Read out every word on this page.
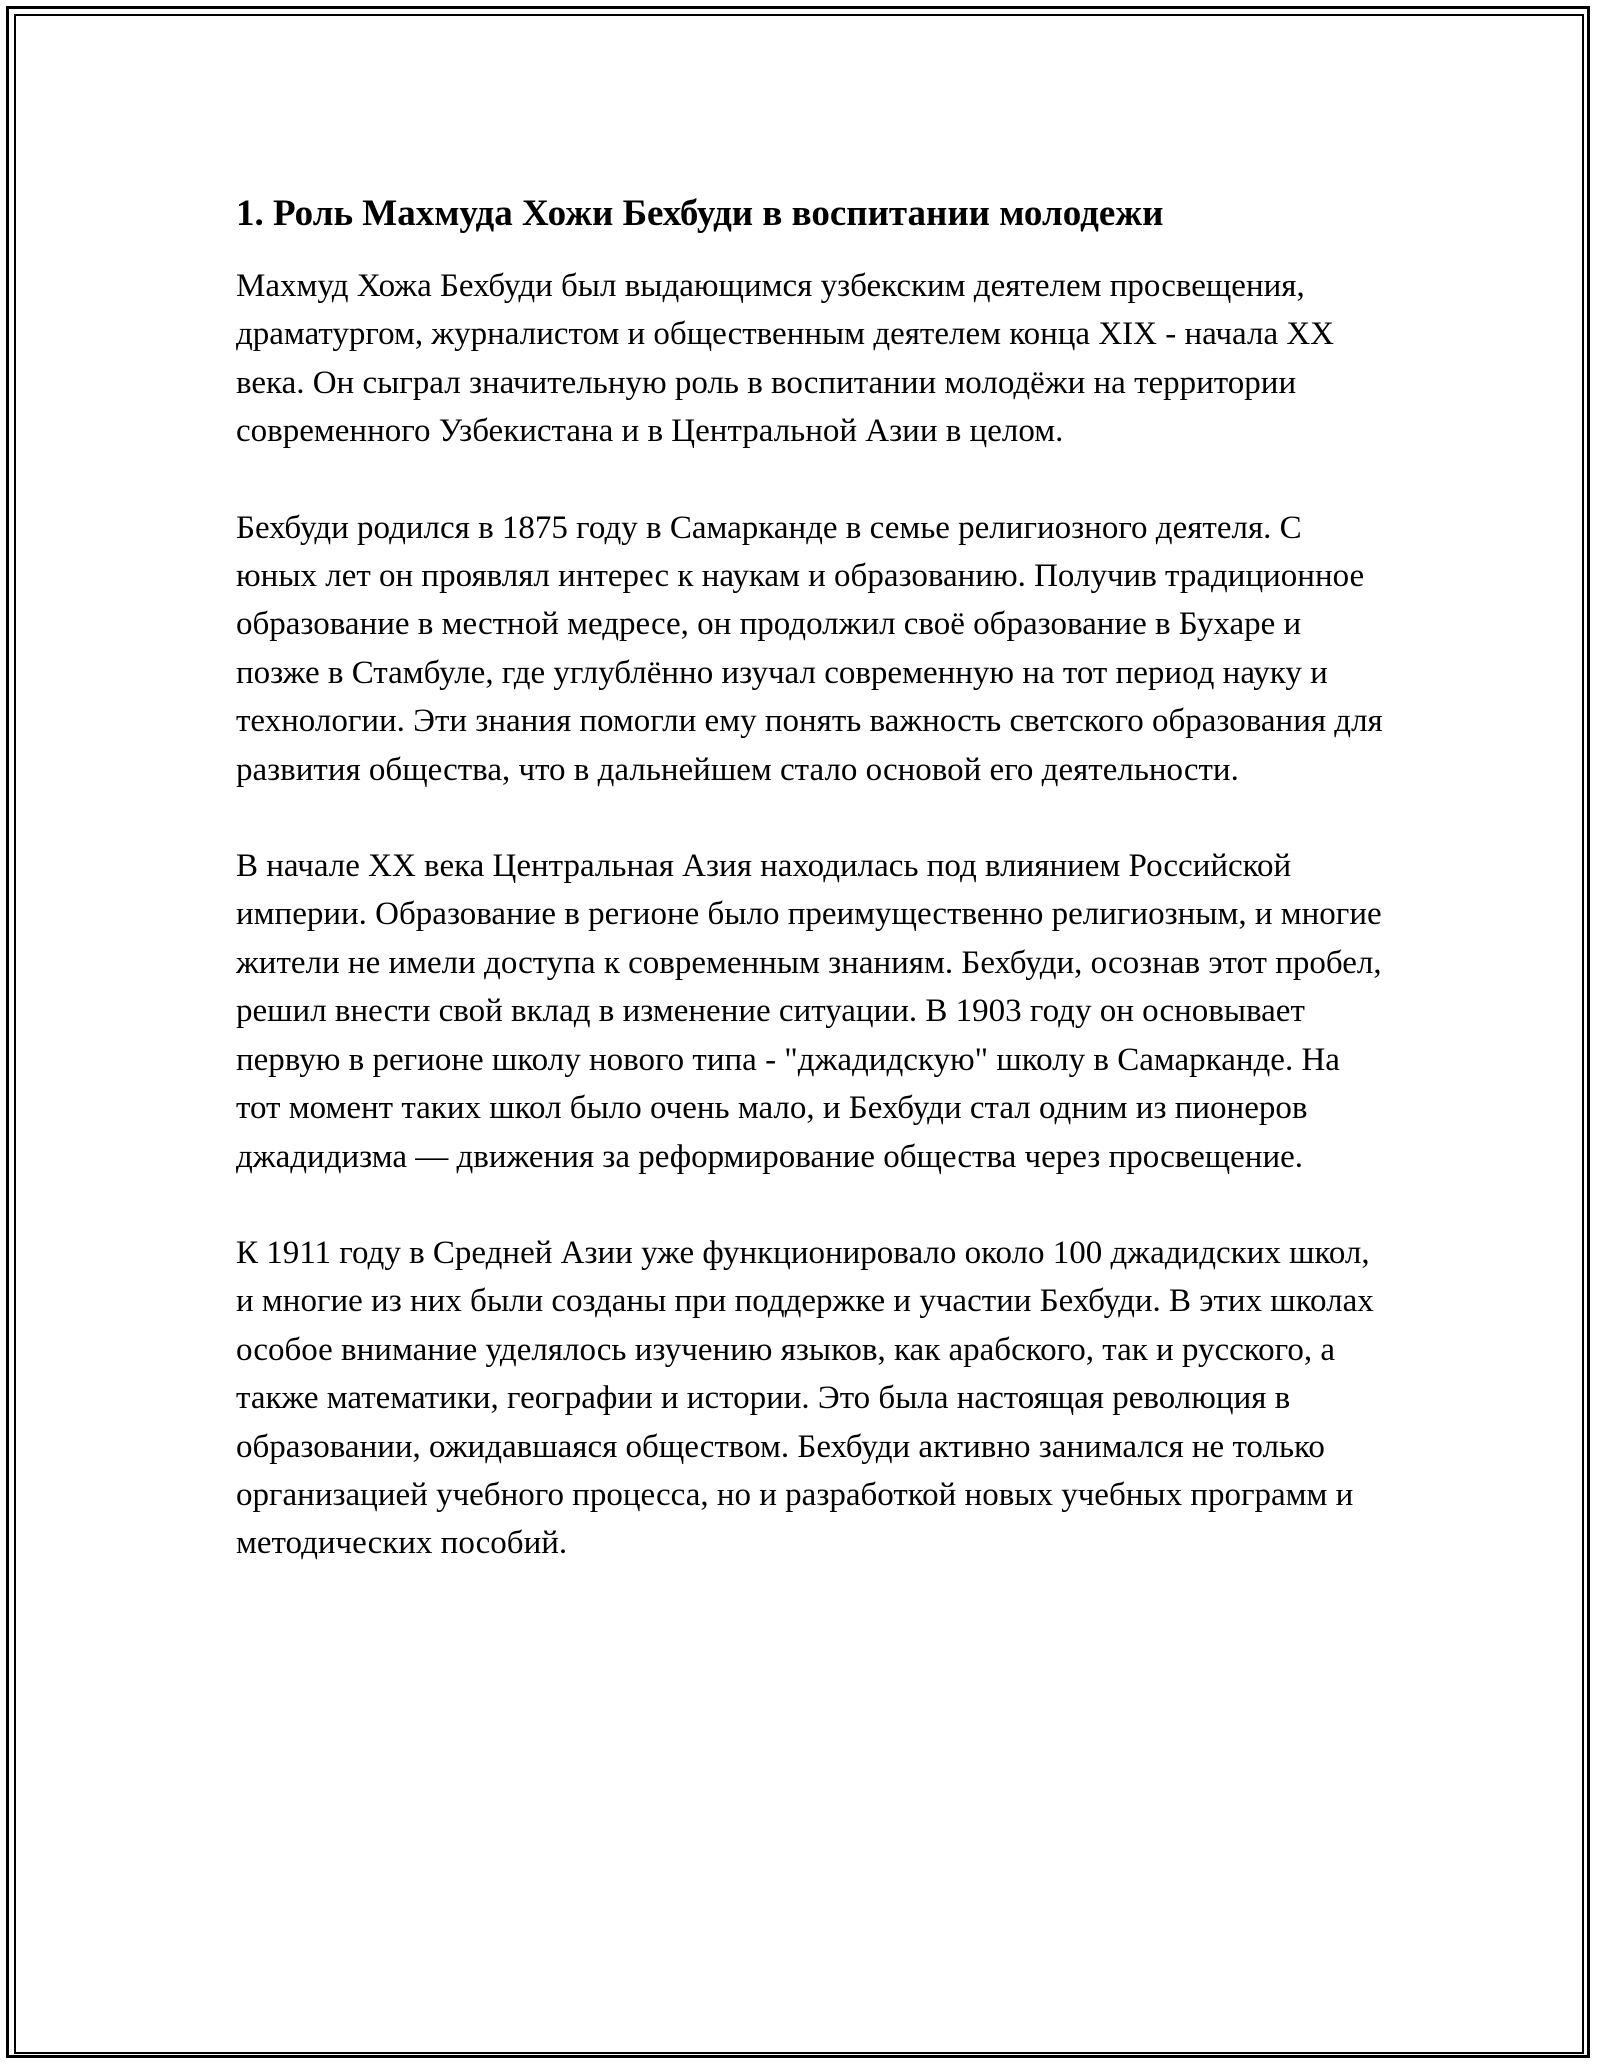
1. Роль Махмуда Хожи Бехбуди в воспитании молодежи

Махмуд Хожа Бехбуди был выдающимся узбекским деятелем просвещения, драматургом, журналистом и общественным деятелем конца XIX - начала XX века. Он сыграл значительную роль в воспитании молодёжи на территории современного Узбекистана и в Центральной Азии в целом.

Бехбуди родился в 1875 году в Самарканде в семье религиозного деятеля. С юных лет он проявлял интерес к наукам и образованию. Получив традиционное образование в местной медресе, он продолжил своё образование в Бухаре и позже в Стамбуле, где углублённо изучал современную на тот период науку и технологии. Эти знания помогли ему понять важность светского образования для развития общества, что в дальнейшем стало основой его деятельности.

В начале XX века Центральная Азия находилась под влиянием Российской империи. Образование в регионе было преимущественно религиозным, и многие жители не имели доступа к современным знаниям. Бехбуди, осознав этот пробел, решил внести свой вклад в изменение ситуации. В 1903 году он основывает первую в регионе школу нового типа - "джадидскую" школу в Самарканде. На тот момент таких школ было очень мало, и Бехбуди стал одним из пионеров джадидизма — движения за реформирование общества через просвещение.

К 1911 году в Средней Азии уже функционировало около 100 джадидских школ, и многие из них были созданы при поддержке и участии Бехбуди. В этих школах особое внимание уделялось изучению языков, как арабского, так и русского, а также математики, географии и истории. Это была настоящая революция в образовании, ожидавшаяся обществом. Бехбуди активно занимался не только организацией учебного процесса, но и разработкой новых учебных программ и методических пособий.
